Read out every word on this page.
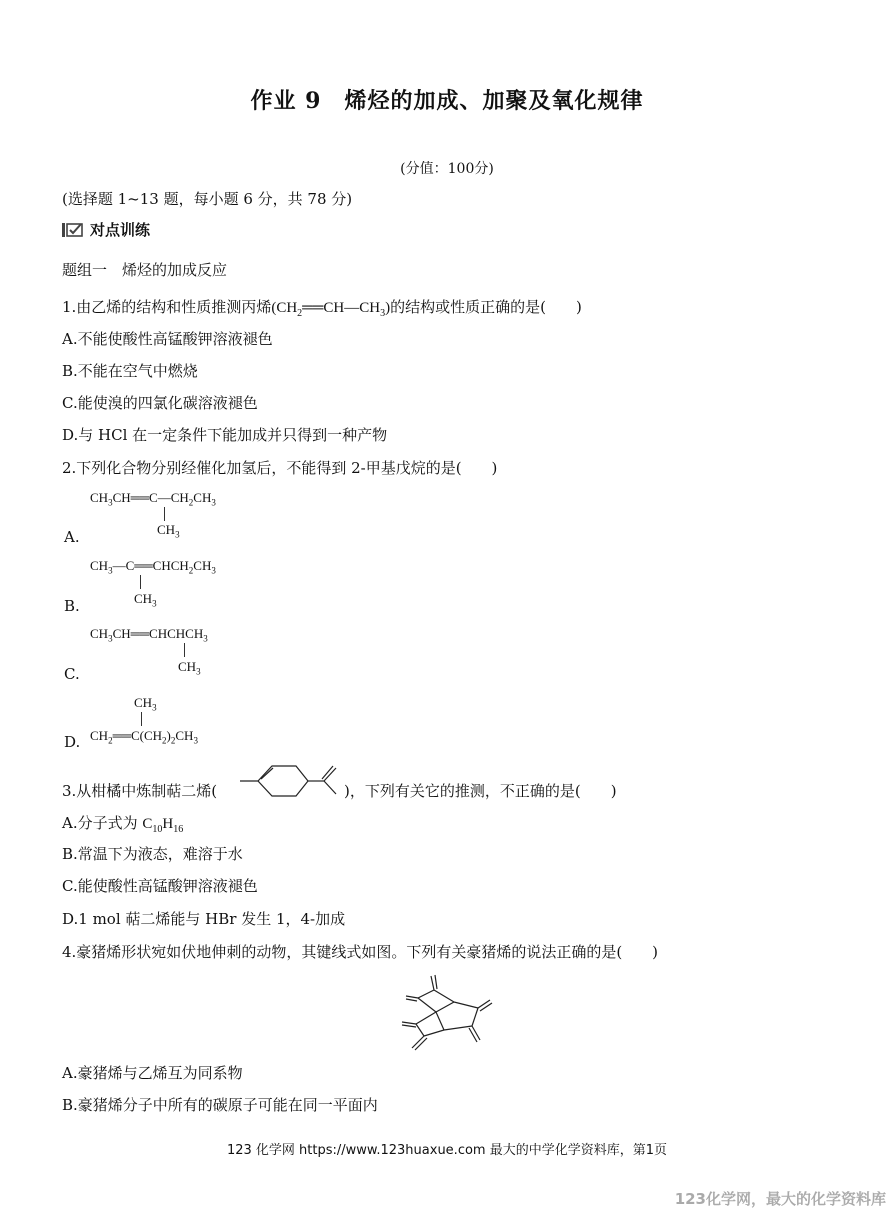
作业 9　烯烃的加成、加聚及氧化规律
(分值：100分)
(选择题 1~13 题，每小题 6 分，共 78 分)
对点训练
题组一　烯烃的加成反应
1.由乙烯的结构和性质推测丙烯$(CH_2══CH—CH_3)$的结构或性质正确的是(　　)
A.不能使酸性高锰酸钾溶液褪色
B.不能在空气中燃烧
C.能使溴的四氯化碳溶液褪色
D.与 HCl 在一定条件下能加成并只得到一种产物
2.下列化合物分别经催化加氢后，不能得到 2-甲基戊烷的是(　　)
A.
$CH_3CH══C—CH_2CH_3$
$CH_3$
B.
$CH_3—C══CHCH_2CH_3$
$CH_3$
C.
$CH_3CH══CHCHCH_3$
$CH_3$
D.
$CH_3$
$CH_2══C(CH_2)_2CH_3$
3.从柑橘中炼制萜二烯(	)，下列有关它的推测，不正确的是(　　)
A.分子式为 $C_{10}H_{16}$
B.常温下为液态，难溶于水
C.能使酸性高锰酸钾溶液褪色
D.1 mol 萜二烯能与 HBr 发生 1，4-加成
4.豪猪烯形状宛如伏地伸刺的动物，其键线式如图。下列有关豪猪烯的说法正确的是(　　)
A.豪猪烯与乙烯互为同系物
B.豪猪烯分子中所有的碳原子可能在同一平面内
123 化学网 https://www.123huaxue.com 最大的中学化学资料库，第1页
123化学网，最大的化学资料库
